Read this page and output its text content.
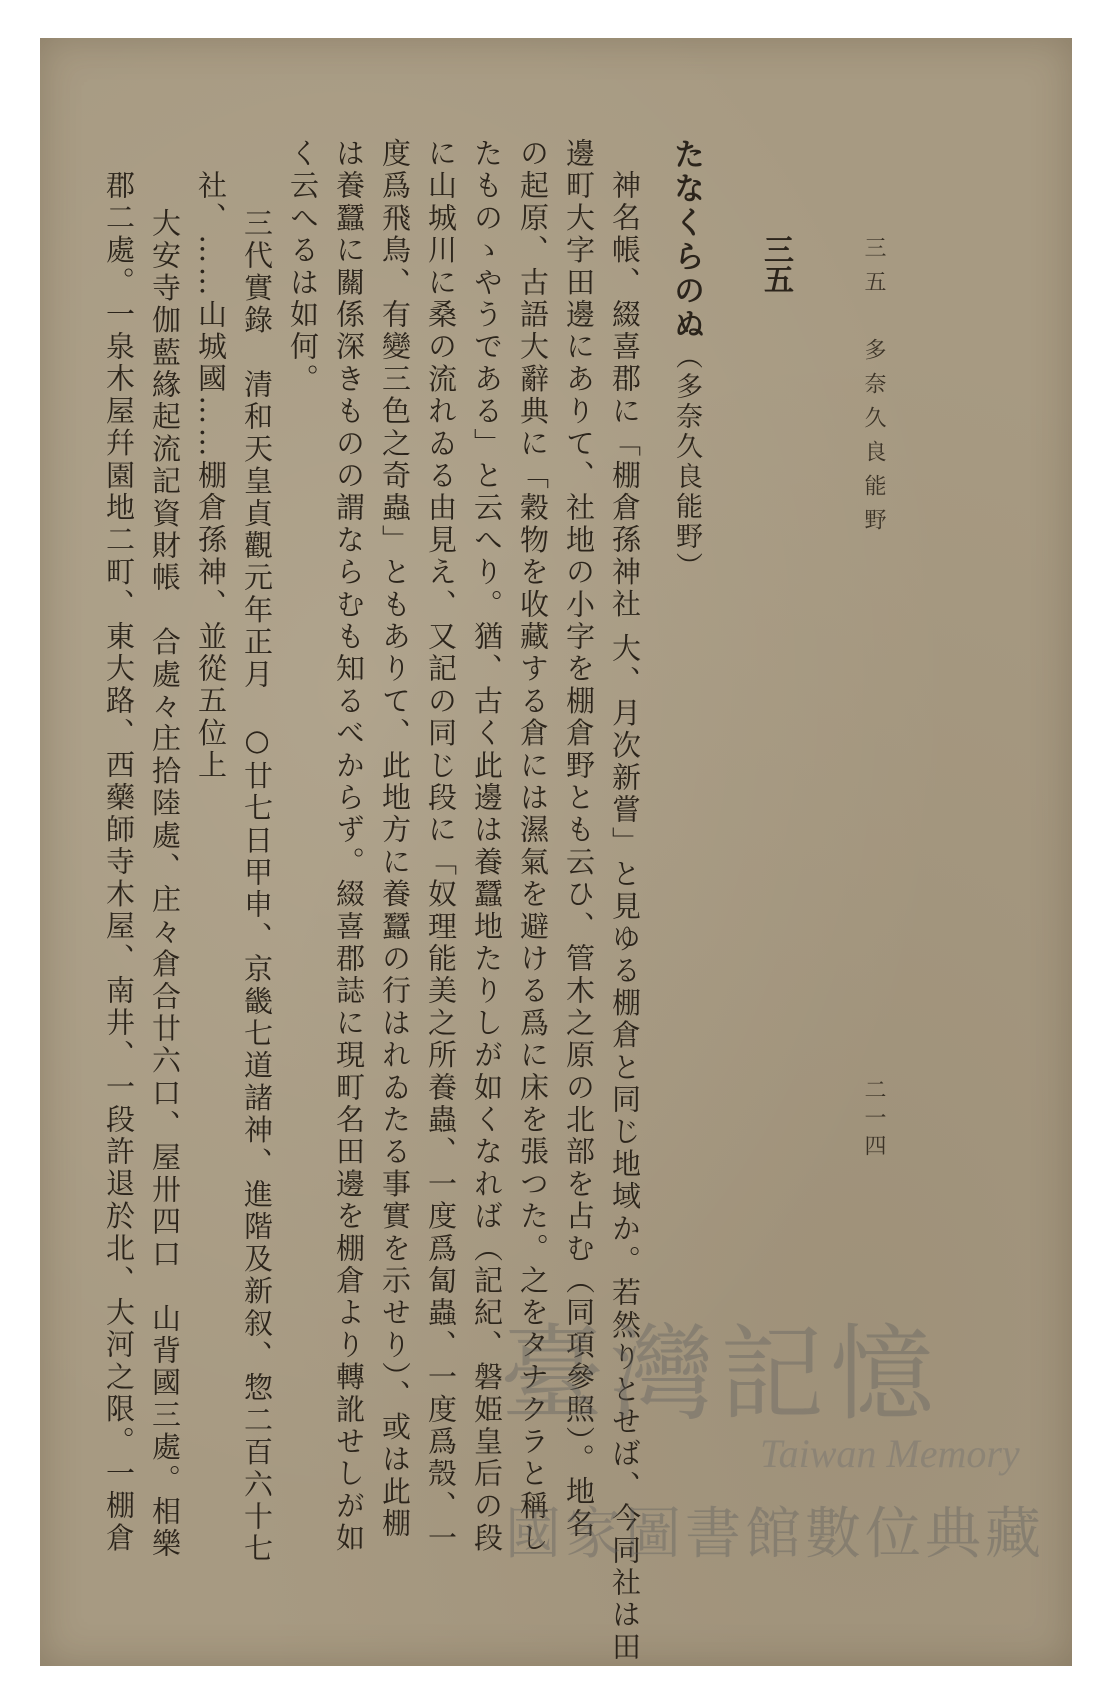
三五　多奈久良能野

二一四

三五

たなくらのぬ（多奈久良能野）

神名帳、綴喜郡に「棚倉孫神社 大、月次新嘗」と見ゆる棚倉と同じ地域か。若然りとせば、今同社は田

邊町大字田邊にありて、社地の小字を棚倉野とも云ひ、管木之原の北部を占む（同項參照）。地名

の起原、古語大辭典に「穀物を收藏する倉には濕氣を避ける爲に床を張つた。之をタナクラと稱し

たものゝやうである」と云へり。猶、古く此邊は養蠶地たりしが如くなれば（記紀、磐姫皇后の段

に山城川に桑の流れゐる由見え、又記の同じ段に「奴理能美之所養蟲、一度爲匐蟲、一度爲殼、一

度爲飛鳥、有變三色之奇蟲」ともありて、此地方に養蠶の行はれゐたる事實を示せり）、或は此棚

は養蠶に關係深きものの謂ならむも知るべからず。綴喜郡誌に現町名田邊を棚倉より轉訛せしが如

く云へるは如何。

三代實錄　清和天皇貞觀元年正月　○廿七日甲申、京畿七道諸神、進階及新叙、惣二百六十七

社、……山城國……棚倉孫神、並從五位上

大安寺伽藍緣起流記資財帳　合處々庄拾陸處、庄々倉合廿六口、屋卅四口　山背國三處。相樂

郡二處。一泉木屋幷園地二町、東大路、西藥師寺木屋、南井、一段許退於北、大河之限。一棚倉	臺灣記憶
Taiwan Memory
國家圖書館數位典藏
